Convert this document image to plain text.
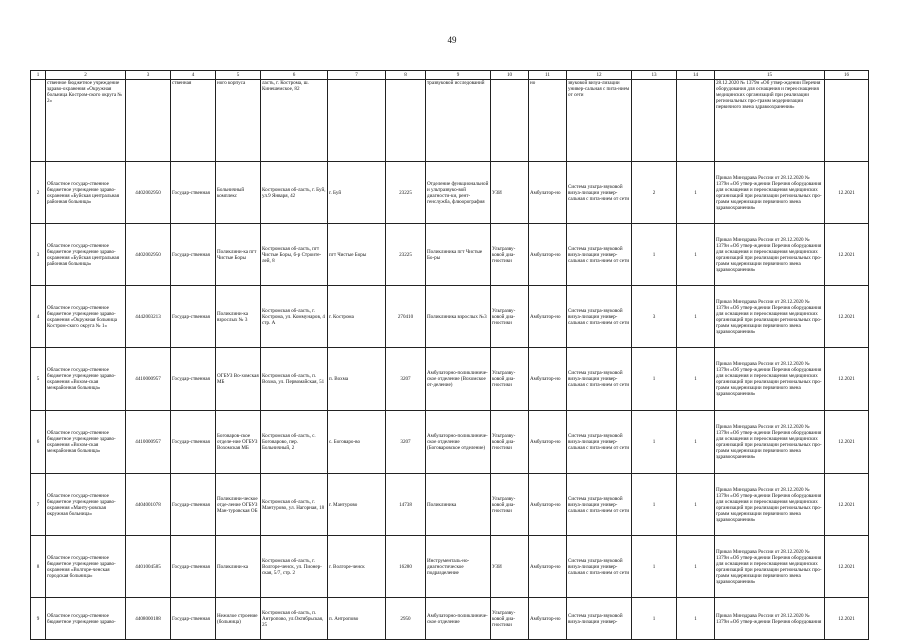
49
1	2	3	4	5	6	7	8	9	10	11	12	13	14	15	16
	ственное бюджетное учреждение здраво-охранения «Окружная больница Костром-ского округа № 2»		ственная	ного корпуса	ласть, г. Кострома, ш. Кинешемское, 82			тразвуковой исследований		но	звуковой визуа-лизации универ-сальная с пита-нием от сети			28.12.2020 № 1379н «Об утвер-ждении Перечня оборудования для оснащения и переоснащения медицинских организаций при реализации региональных про-грамм модернизации первичного звена здравоохранения»	
2	Областное государ-ственное бюджетное учреждение здраво-охранения «Буйская центральная районная больница»	4402002950	Государ-ственная	Больничный комплекс	Костромская об-ласть, г. Буй, ул.9 Января, 42	г. Буй	23225	Отделение функциональной и ультразвуко-вой диагности-ки, рент-генслужба, флюорография	УЗИ	Амбулатор-но	Система ультра-звуковой визуа-лизации универ-сальная с пита-нием от сети	2	1	Приказ Минздрава России от 28.12.2020 № 1379н «Об утвер-ждении Перечня оборудования для оснащения и переоснащения медицинских организаций при реализации региональных про-грамм модернизации первичного звена здравоохранения»	12.2021
3	Областное государ-ственное бюджетное учреждение здраво-охранения «Буйская центральная районная больница»	4402002950	Государ-ственная	Поликлини-ка пгт Чистые Боры	Костромская об-ласть, пгт Чистые Боры, б-р Строите-лей, 8	пгт Чистые Боры	23225	Поликлиника пгт Чистые Бо-ры	Ультразву-ковой диа-гностики	Амбулатор-но	Система ультра-звуковой визуа-лизации универ-сальная с пита-нием от сети	1	1	Приказ Минздрава России от 28.12.2020 № 1379н «Об утвер-ждении Перечня оборудования для оснащения и переоснащения медицинских организаций при реализации региональных про-грамм модернизации первичного звена здравоохранения»	12.2021
4	Областное государ-ственное бюджетное учреждение здраво-охранения «Окружная больница Костром-ского округа № 1»	4442003213	Государ-ственная	Поликлини-ка взрослых № 3	Костромская об-ласть, г. Кострома, ул. Коммунаров, 4 стр. А	г. Кострома	270410	Поликлиника взрослых №3	Ультразву-ковой диа-гностики	Амбулатор-но	Система ультра-звуковой визуа-лизации универ-сальная с пита-нием от сети	3	1	Приказ Минздрава России от 28.12.2020 № 1379н «Об утвер-ждении Перечня оборудования для оснащения и переоснащения медицинских организаций при реализации региональных про-грамм модернизации первичного звена здравоохранения»	12.2021
5	Областное государ-ственное бюджетное учреждение здраво-охранения «Вохом-ская межрайонная больница»	4410000957	Государ-ственная	ОГБУЗ Во-хомская МБ	Костромская об-ласть, п. Вохма, ул. Первомайская, 51	п. Вохма	3207	Амбулаторно-поликлиниче-ское отделение (Вохомское от-деление)	Ультразву-ковой диа-гностики	Амбулатор-но	Система ультра-звуковой визуа-лизации универ-сальная с пита-нием от сети	1	1	Приказ Минздрава России от 28.12.2020 № 1379н «Об утвер-ждении Перечня оборудования для оснащения и переоснащения медицинских организаций при реализации региональных про-грамм модернизации первичного звена здравоохранения»	12.2021
6	Областное государ-ственное бюджетное учреждение здраво-охранения «Вохом-ская межрайонная больница»	4410000957	Государ-ственная	Боговаров-ское отделе-ние ОГБУЗ Вохомская МБ	Костромская об-ласть, с. Боговарово, пер. Больничный, 2	с. Боговаро-во	3207	Амбулаторно-поликлиниче-ское отделение (Боговаровское отделение)	Ультразву-ковой диа-гностики	Амбулатор-но	Система ультра-звуковой визуа-лизации универ-сальная с пита-нием от сети	1	1	Приказ Минздрава России от 28.12.2020 № 1379н «Об утвер-ждении Перечня оборудования для оснащения и переоснащения медицинских организаций при реализации региональных про-грамм модернизации первичного звена здравоохранения»	12.2021
7	Областное государ-ственное бюджетное учреждение здраво-охранения «Манту-ровская окружная больница»	4404001078	Государ-ственная	Поликлини-ческое отде-ление ОГБУЗ Ман-туровская ОБ	Костромская об-ласть, г. Мантурово, ул. Нагорная, 18	г. Мантурово	14738	Поликлиника	Ультразву-ковой диа-гностики	Амбулатор-но	Система ультра-звуковой визуа-лизации универ-сальная с пита-нием от сети	1	1	Приказ Минздрава России от 28.12.2020 № 1379н «Об утвер-ждении Перечня оборудования для оснащения и переоснащения медицинских организаций при реализации региональных про-грамм модернизации первичного звена здравоохранения»	12.2021
8	Областное государ-ственное бюджетное учреждение здраво-охранения «Волгоре-ченская городская больница»	4401004585	Государ-ственная	Поликлини-ка	Костромская об-ласть, г. Волгоре-ченск, ул. Пионер-ская, 5/7, стр. 2	г. Волгоре-ченск	16280	Инструменталь-но-диагностическое подразделение	УЗИ	Амбулатор-но	Система ультра-звуковой визуа-лизации универ-сальная с пита-нием от сети	1	1	Приказ Минздрава России от 28.12.2020 № 1379н «Об утвер-ждении Перечня оборудования для оснащения и переоснащения медицинских организаций при реализации региональных про-грамм модернизации первичного звена здравоохранения»	12.2021
9	Областное государ-ственное бюджетное учреждение здраво-	4408000188	Государ-ственная	Нежилое строение (больница)	Костромская об-ласть, п. Антропово, ул.Октябрьская, 25	п. Антропово	2950	Амбулаторно-поликлиниче-ское отделение	Ультразву-ковой диа-гностики	Амбулатор-но	Система ультра-звуковой визуа-лизации универ-	1	1	Приказ Минздрава России от 28.12.2020 № 1379н «Об утвер-ждении Перечня оборудования	12.2021
